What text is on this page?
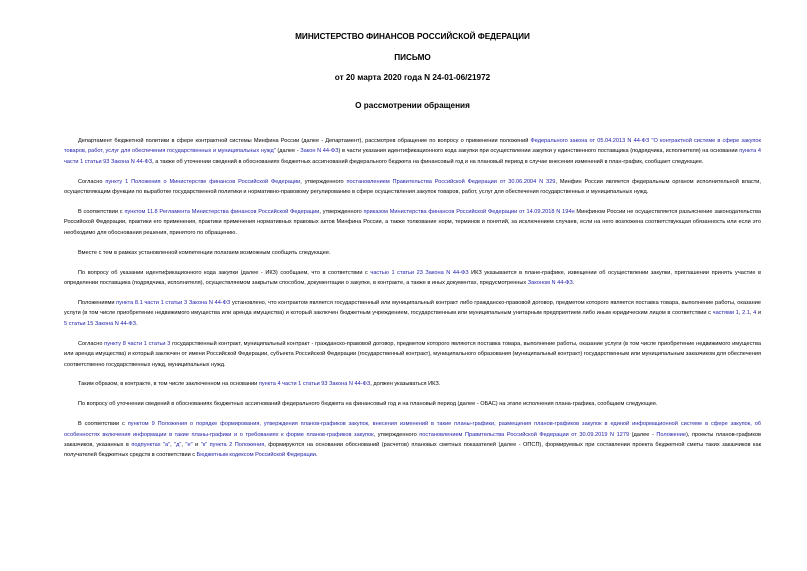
МИНИСТЕРСТВО ФИНАНСОВ РОССИЙСКОЙ ФЕДЕРАЦИИ
ПИСЬМО
от 20 марта 2020 года N 24-01-06/21972
О рассмотрении обращения

Департамент бюджетной политики в сфере контрактной системы Минфина России (далее - Департамент), рассмотрев обращение по вопросу о применении положений Федерального закона от 05.04.2013 N 44-ФЗ "О контрактной системе в сфере закупок товаров, работ, услуг для обеспечения государственных и муниципальных нужд" (далее - Закон N 44-ФЗ) в части указания идентификационного кода закупки при осуществлении закупки у единственного поставщика (подрядчика, исполнителя) на основании пункта 4 части 1 статьи 93 Закона N 44-ФЗ, а также об уточнении сведений в обоснованиях бюджетных ассигнований федерального бюджета на финансовый год и на плановый период в случае внесения изменений в план-график, сообщает следующее.

Согласно пункту 1 Положения о Министерстве финансов Российской Федерации, утвержденного постановлением Правительства Российской Федерации от 30.06.2004 N 329, Минфин России является федеральным органом исполнительной власти, осуществляющим функции по выработке государственной политики и нормативно-правовому регулированию в сфере осуществления закупок товаров, работ, услуг для обеспечения государственных и муниципальных нужд.

В соответствии с пунктом 11.8 Регламента Министерства финансов Российской Федерации, утвержденного приказом Министерства финансов Российской Федерации от 14.09.2018 N 194н Минфином России не осуществляется разъяснение законодательства Российской Федерации, практики его применения, практики применения нормативных правовых актов Минфина России, а также толкование норм, терминов и понятий, за исключением случаев, если на него возложена соответствующая обязанность или если это необходимо для обоснования решения, принятого по обращению.

Вместе с тем в рамках установленной компетенции полагаем возможным сообщить следующее.

По вопросу об указании идентификационного кода закупки (далее - ИКЗ) сообщаем, что в соответствии с частью 1 статьи 23 Закона N 44-ФЗ ИКЗ указывается в плане-графике, извещении об осуществлении закупки, приглашении принять участие в определении поставщика (подрядчика, исполнителя), осуществляемом закрытым способом, документации о закупке, в контракте, а также в иных документах, предусмотренных Законом N 44-ФЗ.

Положениями пункта 8.1 части 1 статьи 3 Закона N 44-ФЗ установлено, что контрактом является государственный или муниципальный контракт либо гражданско-правовой договор, предметом которого является поставка товара, выполнение работы, оказание услуги (в том числе приобретение недвижимого имущества или аренда имущества) и который заключен бюджетным учреждением, государственным или муниципальным унитарным предприятием либо иным юридическим лицом в соответствии с частями 1, 2.1, 4 и 5 статьи 15 Закона N 44-ФЗ.

Согласно пункту 8 части 1 статьи 3 государственный контракт, муниципальный контракт - гражданско-правовой договор, предметом которого являются поставка товара, выполнение работы, оказание услуги (в том числе приобретение недвижимого имущества или аренда имущества) и который заключен от имени Российской Федерации, субъекта Российской Федерации (государственный контракт), муниципального образования (муниципальный контракт) государственным или муниципальным заказчиком для обеспечения соответственно государственных нужд, муниципальных нужд.

Таким образом, в контракте, в том числе заключенном на основании пункта 4 части 1 статьи 93 Закона N 44-ФЗ, должен указываться ИКЗ.

По вопросу об уточнении сведений в обоснованиях бюджетных ассигнований федерального бюджета на финансовый год и на плановый период (далее - ОБАС) на этапе исполнения плана-графика, сообщаем следующее.

В соответствии с пунктом 9 Положения о порядке формирования, утверждения планов-графиков закупок, внесения изменений в такие планы-графики, размещения планов-графиков закупок в единой информационной системе в сфере закупок, об особенностях включения информации в такие планы-графики и о требованиях к форме планов-графиков закупок, утвержденного постановлением Правительства Российской Федерации от 30.09.2019 N 1279 (далее - Положение), проекты планов-графиков заказчиков, указанных в подпунктах "а", "д", "е" и "к" пункта 2 Положения, формируются на основании обоснований (расчетов) плановых сметных показателей (далее - ОПСП), формируемых при составлении проекта бюджетной сметы таких заказчиков как получателей бюджетных средств в соответствии с Бюджетным кодексом Российской Федерации.
